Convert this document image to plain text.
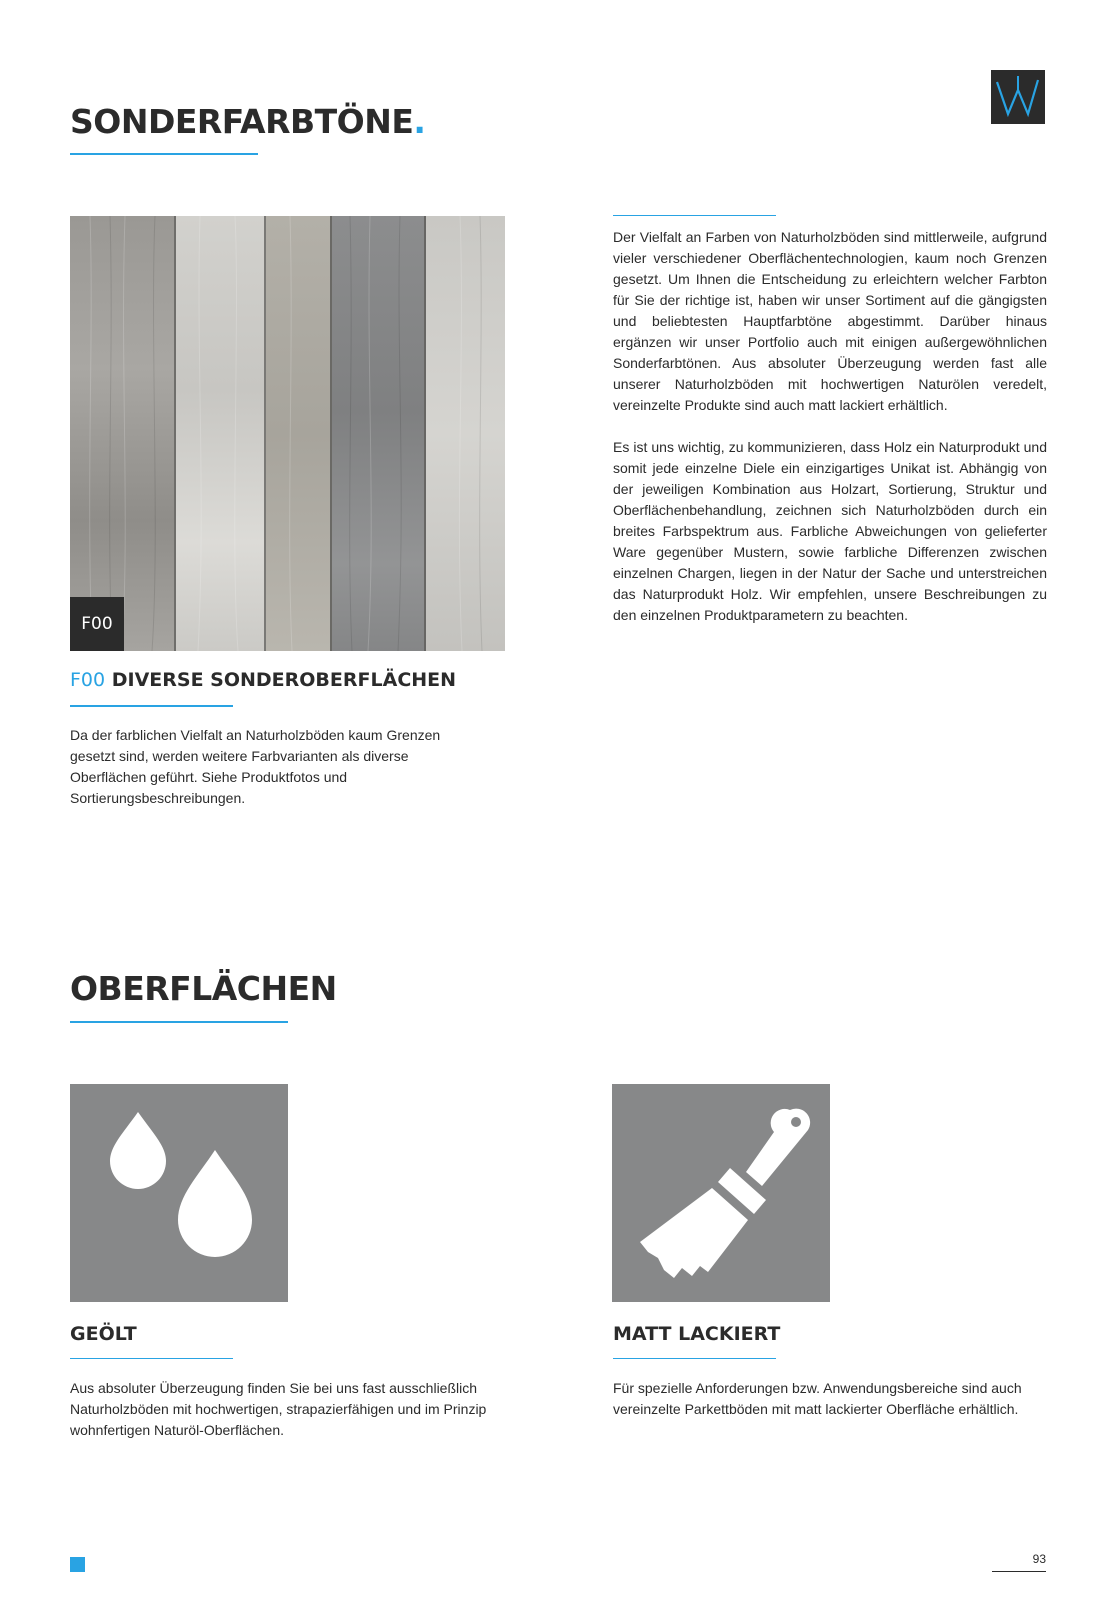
SONDERFARBTÖNE.
F00
F00 DIVERSE SONDEROBERFLÄCHEN

Da der farblichen Vielfalt an Naturholzböden kaum Grenzen gesetzt sind, werden weitere Farbvarianten als diverse Oberflächen geführt. Siehe Produktfotos und Sortierungsbeschreibungen.

Der Vielfalt an Farben von Naturholzböden sind mittlerweile, aufgrund vieler verschiedener Oberflächentechnologien, kaum noch Grenzen gesetzt. Um Ihnen die Entscheidung zu erleichtern welcher Farbton für Sie der richtige ist, haben wir unser Sortiment auf die gängigsten und beliebtesten Hauptfarbtöne abgestimmt. Darüber hinaus ergänzen wir unser Portfolio auch mit einigen außergewöhnlichen Sonderfarbtönen. Aus absoluter Überzeugung werden fast alle unserer Naturholzböden mit hochwertigen Naturölen veredelt, vereinzelte Produkte sind auch matt lackiert erhältlich.

Es ist uns wichtig, zu kommunizieren, dass Holz ein Naturprodukt und somit jede einzelne Diele ein einzigartiges Unikat ist. Abhängig von der jeweiligen Kombination aus Holzart, Sortierung, Struktur und Oberflächenbehandlung, zeichnen sich Naturholzböden durch ein breites Farbspektrum aus. Farbliche Abweichungen von gelieferter Ware gegenüber Mustern, sowie farbliche Differenzen zwischen einzelnen Chargen, liegen in der Natur der Sache und unterstreichen das Naturprodukt Holz. Wir empfehlen, unsere Beschreibungen zu den einzelnen Produktparametern zu beachten.

OBERFLÄCHEN
GEÖLT

Aus absoluter Überzeugung finden Sie bei uns fast ausschließlich Naturholzböden mit hochwertigen, strapazierfähigen und im Prinzip wohnfertigen Naturöl-Oberflächen.

MATT LACKIERT

Für spezielle Anforderungen bzw. Anwendungsbereiche sind auch vereinzelte Parkettböden mit matt lackierter Oberfläche erhältlich.

93
